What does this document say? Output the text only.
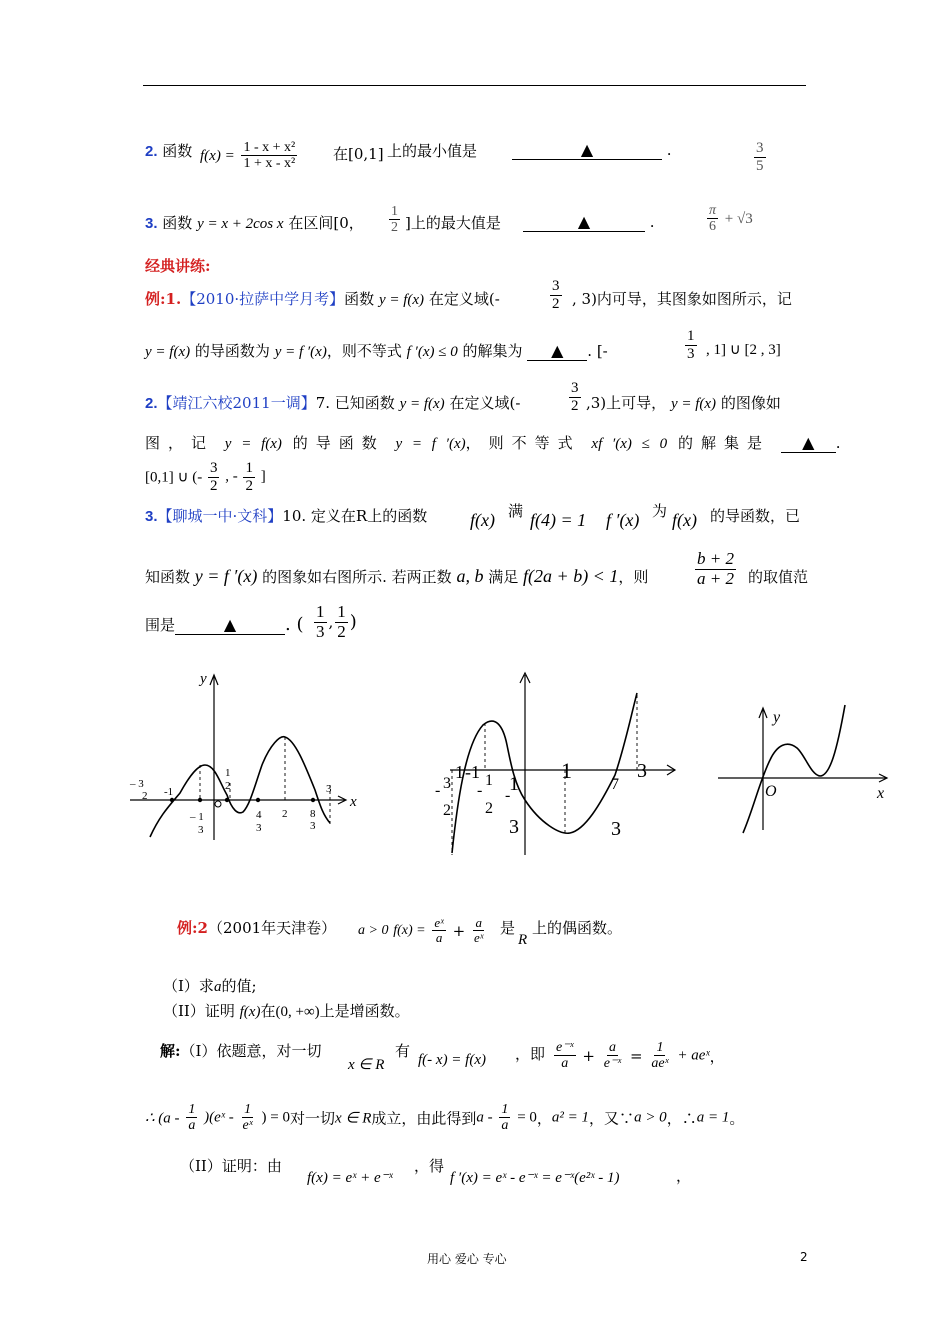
2. 函数 $f(x) = \frac{\text{1 - x + x²}}{\text{1 + x - x²}}$ 在[0,1] 上的最小值是	▲	.	$\frac{3}{5}$
3. 函数 y = x + 2cos x 在区间[0， $\frac{1}{2}$ ]上的最大值是	▲	.	$\frac{\pi}{6} + √3$
经典讲练:
例:1.【2010·拉萨中学月考】函数 y = f(x) 在定义域(-	$\frac{3}{2}$ , 3)内可导，其图象如图所示，记
y = f(x) 的导函数为 y = f ′(x)，则不等式 f ′(x) ≤ 0 的解集为 ▲ . [-	$\frac{1}{3}$ , 1] ∪ [2 , 3]
2.【靖江六校2011一调】7. 已知函数 y = f(x) 在定义域(-	$\frac{3}{2} ,3$)上可导， y = f(x) 的图像如
图，记 y = f(x) 的导函数 y = f ′(x)，则不等式 xf ′(x) ≤ 0 的解集是 ▲ .
[0,1] ∪ (- $\frac{3}{2}$ , - $\frac{1}{2}$ ]
3.【聊城一中·文科】10. 定义在R上的函数 f(x) 满 f(4) = 1 f ′(x) 为 f(x) 的导函数，已
知函数 y = f ′(x) 的图象如右图所示. 若两正数 a, b 满足 f(2a + b) < 1，则	$\frac{b + 2}{a + 2}$ 的取值范
围是	▲	. ( $\frac{1}{3}$ , $\frac{1}{2}$ )
y
x
– 3
2 -1
– 1
3
1
2
4
3
2 8
3
3	- 3
2
-
1
2
-
1
3
1
7
3
3
1 - 1
y
x
O
例:2（2001年天津卷） a > 0 $f(x) = \frac{\text{eˣ}}{a} + \frac{a}{\text{eˣ}}$ 是
R
上的偶函数。
（I）求a的值;
（II）证明 f(x)在(0, +∞)上是增函数。
解:（I）依题意，对一切
x ∈ R
有 f(- x) = f(x) ，即 $\frac{\text{e⁻ˣ}}{a} + \frac{a}{\text{e⁻ˣ}} = \frac{1}{\text{aeˣ}}$ + aeˣ，
∴ ($a - \frac{1}{a}$ )(eˣ - $\frac{1}{\text{eˣ}}$ ) = 0对一切x ∈ R成立，由此得到$a - \frac{1}{a} = 0$，a² = 1，又∵a > 0，∴a = 1。
（II）证明：由
f(x) = eˣ + e⁻ˣ
，得
f ′(x) = eˣ - e⁻ˣ = e⁻ˣ(e²ˣ - 1)	，
用心 爱心 专心	2
